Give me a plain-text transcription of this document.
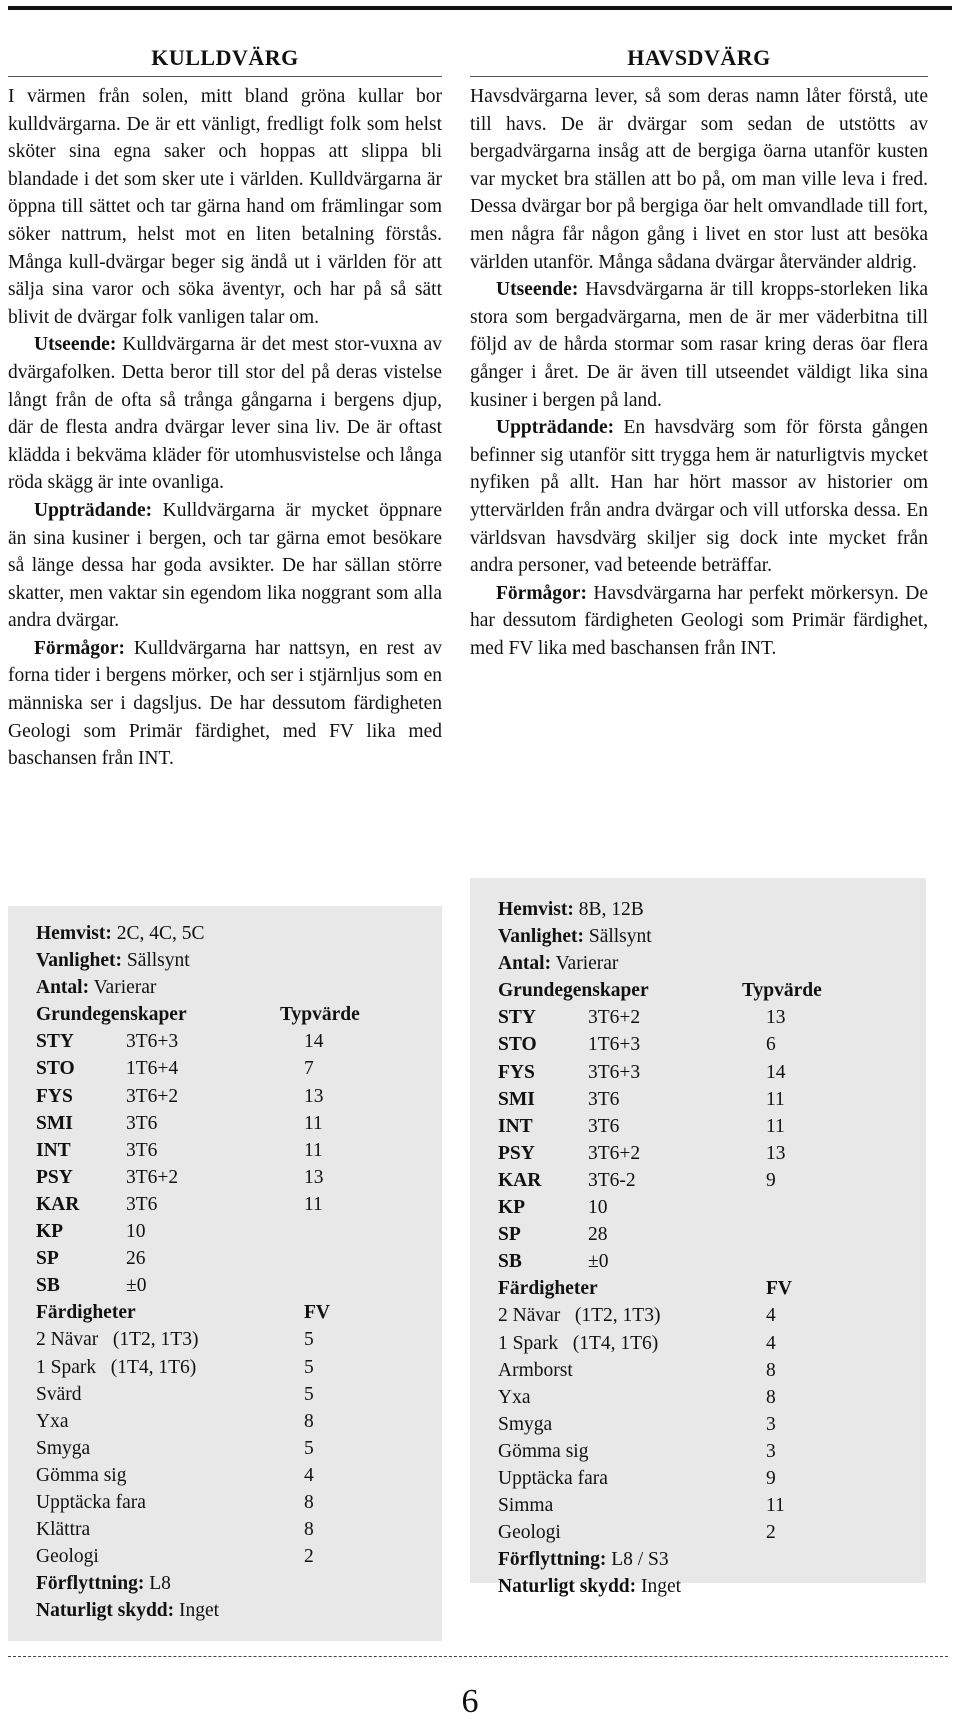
KULLDVÄRG

I värmen från solen, mitt bland gröna kullar bor kulldvärgarna. De är ett vänligt, fredligt folk som helst sköter sina egna saker och hoppas att slippa bli blandade i det som sker ute i världen. Kulldvärgarna är öppna till sättet och tar gärna hand om främlingar som söker nattrum, helst mot en liten betalning förstås. Många kull-dvärgar beger sig ändå ut i världen för att sälja sina varor och söka äventyr, och har på så sätt blivit de dvärgar folk vanligen talar om.

Utseende: Kulldvärgarna är det mest stor-vuxna av dvärgafolken. Detta beror till stor del på deras vistelse långt från de ofta så trånga gångarna i bergens djup, där de flesta andra dvärgar lever sina liv. De är oftast klädda i bekväma kläder för utomhusvistelse och långa röda skägg är inte ovanliga.

Uppträdande: Kulldvärgarna är mycket öppnare än sina kusiner i bergen, och tar gärna emot besökare så länge dessa har goda avsikter. De har sällan större skatter, men vaktar sin egendom lika noggrant som alla andra dvärgar.

Förmågor: Kulldvärgarna har nattsyn, en rest av forna tider i bergens mörker, och ser i stjärnljus som en människa ser i dagsljus. De har dessutom färdigheten Geologi som Primär färdighet, med FV lika med baschansen från INT.

HAVSDVÄRG

Havsdvärgarna lever, så som deras namn låter förstå, ute till havs. De är dvärgar som sedan de utstötts av bergadvärgarna insåg att de bergiga öarna utanför kusten var mycket bra ställen att bo på, om man ville leva i fred. Dessa dvärgar bor på bergiga öar helt omvandlade till fort, men några får någon gång i livet en stor lust att besöka världen utanför. Många sådana dvärgar återvänder aldrig.

Utseende: Havsdvärgarna är till kropps-storleken lika stora som bergadvärgarna, men de är mer väderbitna till följd av de hårda stormar som rasar kring deras öar flera gånger i året. De är även till utseendet väldigt lika sina kusiner i bergen på land.

Uppträdande: En havsdvärg som för första gången befinner sig utanför sitt trygga hem är naturligtvis mycket nyfiken på allt. Han har hört massor av historier om yttervärlden från andra dvärgar och vill utforska dessa. En världsvan havsdvärg skiljer sig dock inte mycket från andra personer, vad beteende beträffar.

Förmågor: Havsdvärgarna har perfekt mörkersyn. De har dessutom färdigheten Geologi som Primär färdighet, med FV lika med baschansen från INT.

Hemvist: 2C, 4C, 5C
Vanlighet: Sällsynt
Antal: Varierar
Grundegenskaper	Typvärde
STY	3T6+3	14
STO	1T6+4	7
FYS	3T6+2	13
SMI	3T6	11
INT	3T6	11
PSY	3T6+2	13
KAR	3T6	11
KP	10
SP	26
SB	±0
Färdigheter	FV
2 Nävar   (1T2, 1T3)	5
1 Spark   (1T4, 1T6)	5
Svärd	5
Yxa	8
Smyga	5
Gömma sig	4
Upptäcka fara	8
Klättra	8
Geologi	2
Förflyttning: L8
Naturligt skydd: Inget
Hemvist: 8B, 12B
Vanlighet: Sällsynt
Antal: Varierar
Grundegenskaper	Typvärde
STY	3T6+2	13
STO	1T6+3	6
FYS	3T6+3	14
SMI	3T6	11
INT	3T6	11
PSY	3T6+2	13
KAR	3T6-2	9
KP	10
SP	28
SB	±0
Färdigheter	FV
2 Nävar   (1T2, 1T3)	4
1 Spark   (1T4, 1T6)	4
Armborst	8
Yxa	8
Smyga	3
Gömma sig	3
Upptäcka fara	9
Simma	11
Geologi	2
Förflyttning: L8 / S3
Naturligt skydd: Inget
6
